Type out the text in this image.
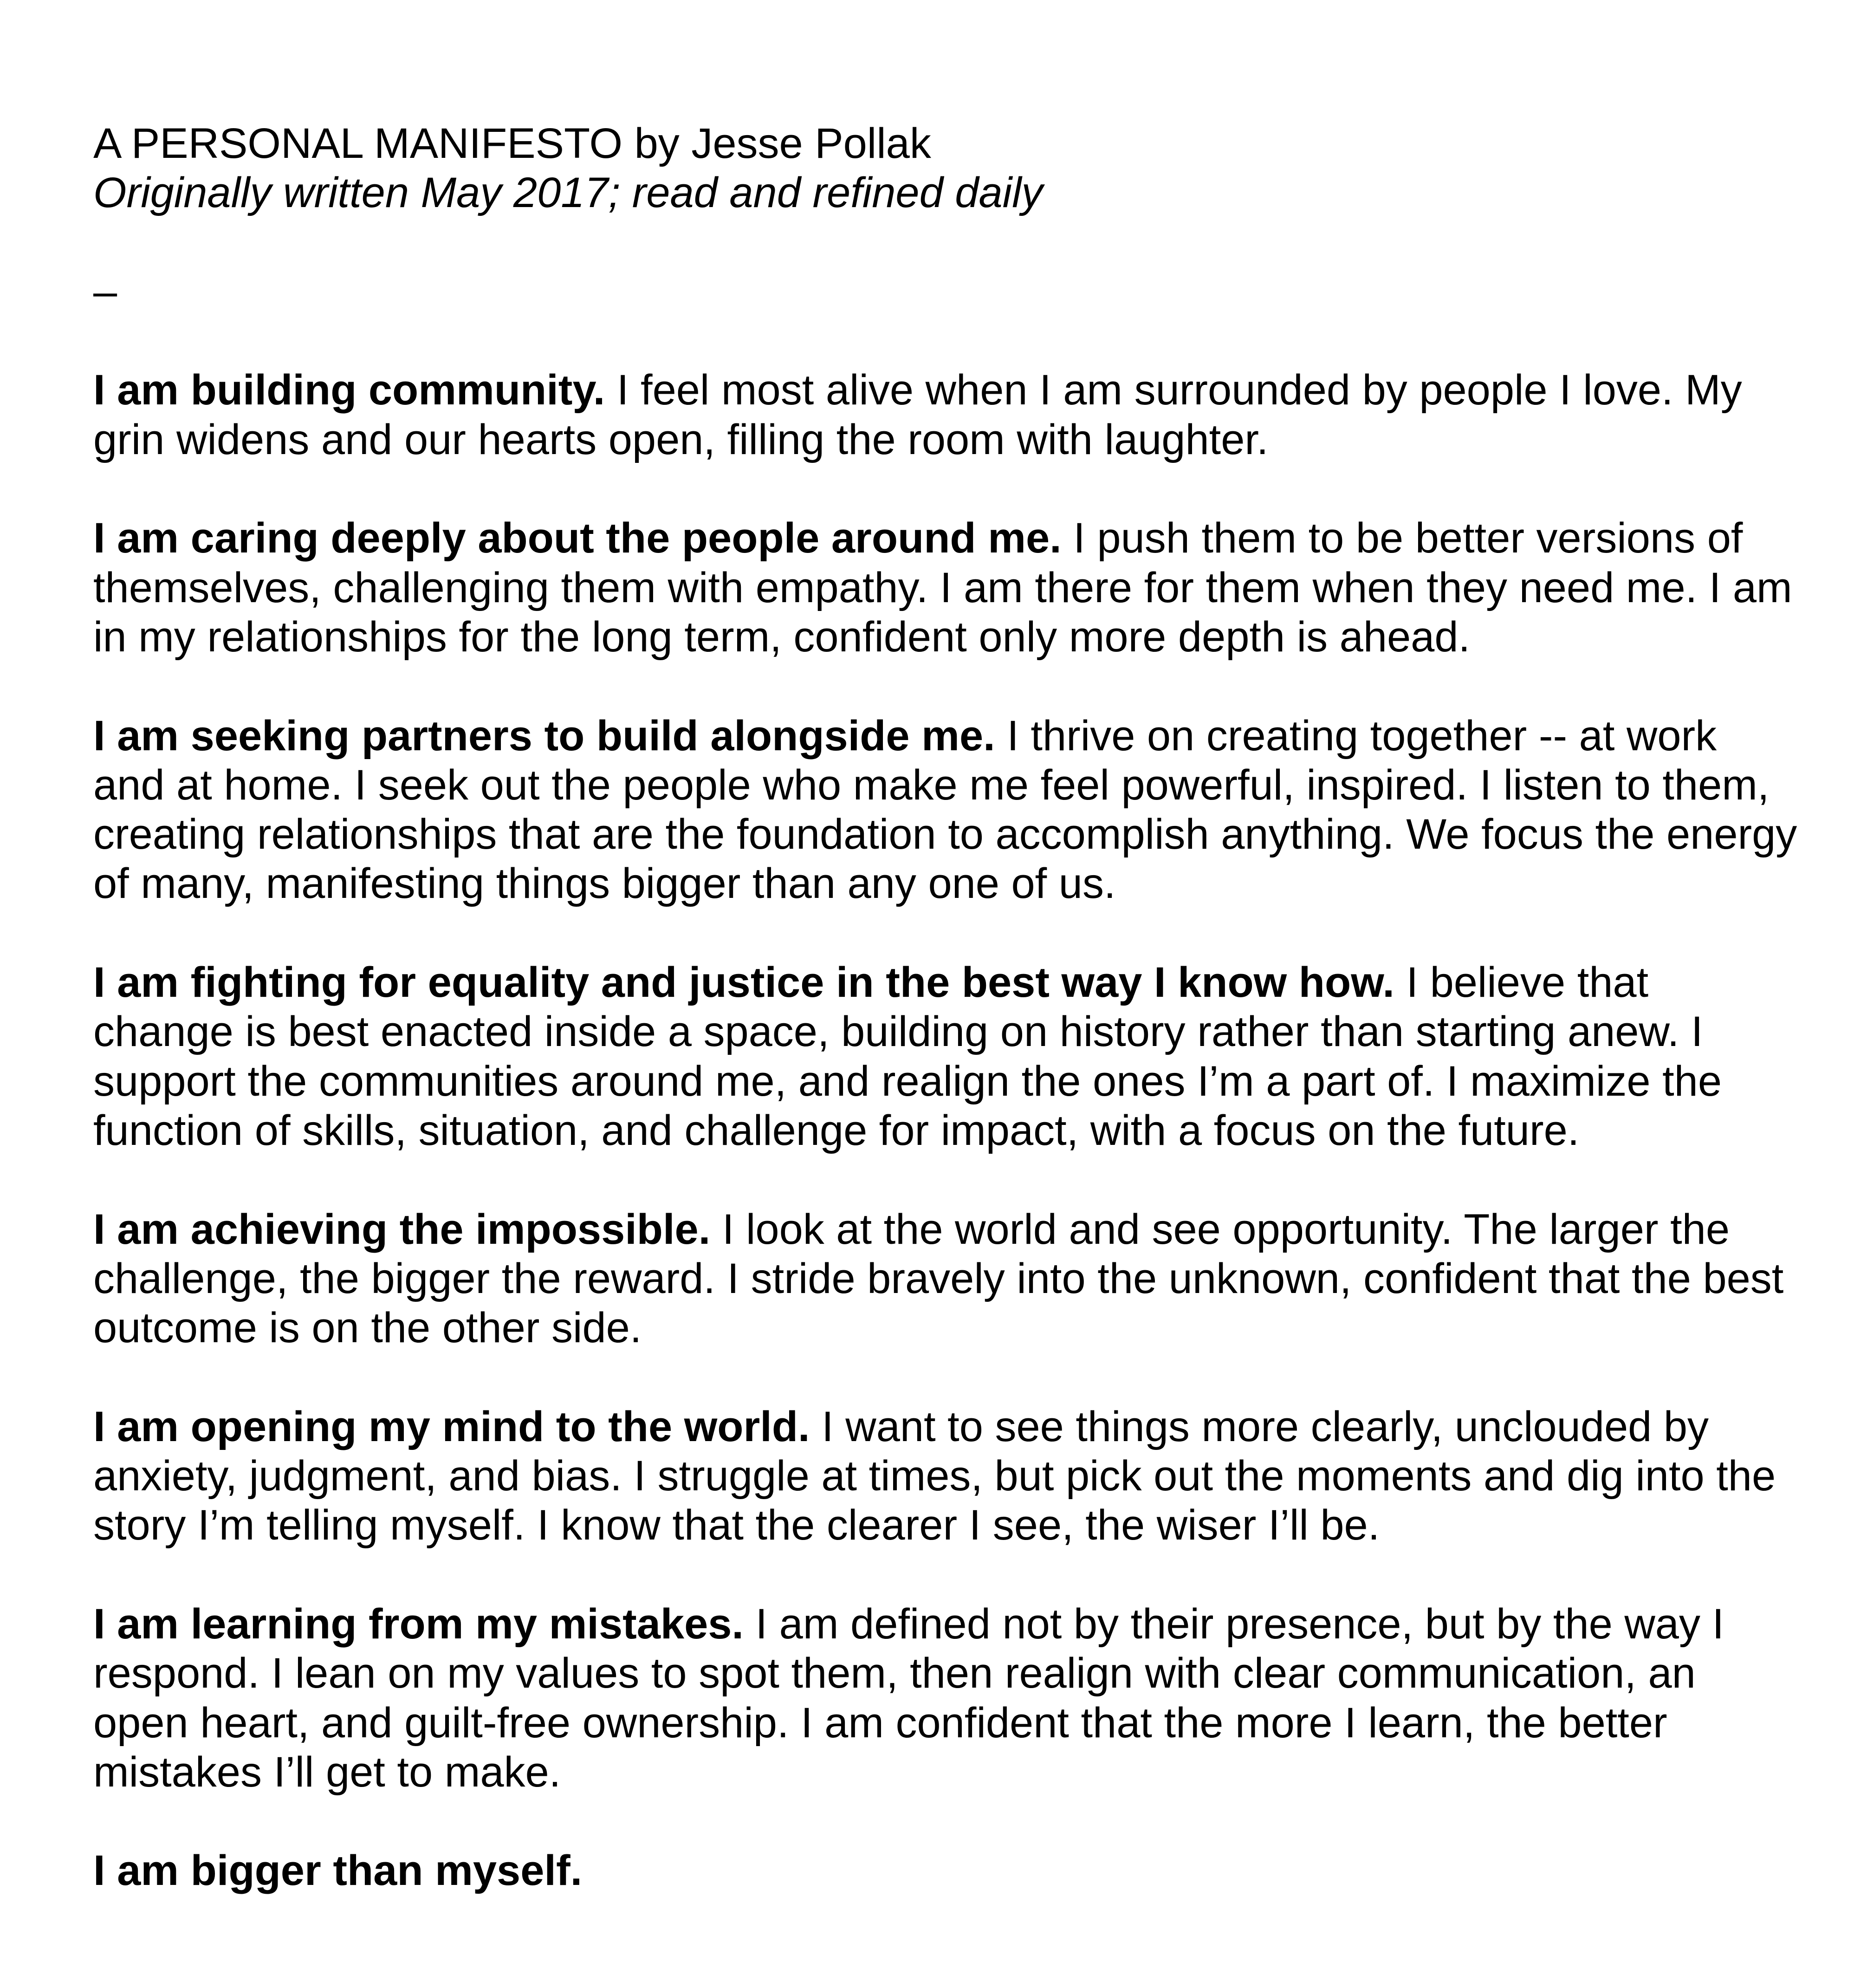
A PERSONAL MANIFESTO by Jesse Pollak
Originally written May 2017; read and refined daily
–
I am building community. I feel most alive when I am surrounded by people I love. My
grin widens and our hearts open, filling the room with laughter.
I am caring deeply about the people around me. I push them to be better versions of
themselves, challenging them with empathy. I am there for them when they need me. I am
in my relationships for the long term, confident only more depth is ahead.
I am seeking partners to build alongside me. I thrive on creating together -- at work
and at home. I seek out the people who make me feel powerful, inspired. I listen to them,
creating relationships that are the foundation to accomplish anything. We focus the energy
of many, manifesting things bigger than any one of us.
I am fighting for equality and justice in the best way I know how. I believe that
change is best enacted inside a space, building on history rather than starting anew. I
support the communities around me, and realign the ones I’m a part of. I maximize the
function of skills, situation, and challenge for impact, with a focus on the future.
I am achieving the impossible. I look at the world and see opportunity. The larger the
challenge, the bigger the reward. I stride bravely into the unknown, confident that the best
outcome is on the other side.
I am opening my mind to the world. I want to see things more clearly, unclouded by
anxiety, judgment, and bias. I struggle at times, but pick out the moments and dig into the
story I’m telling myself. I know that the clearer I see, the wiser I’ll be.
I am learning from my mistakes. I am defined not by their presence, but by the way I
respond. I lean on my values to spot them, then realign with clear communication, an
open heart, and guilt-free ownership. I am confident that the more I learn, the better
mistakes I’ll get to make.
I am bigger than myself.
